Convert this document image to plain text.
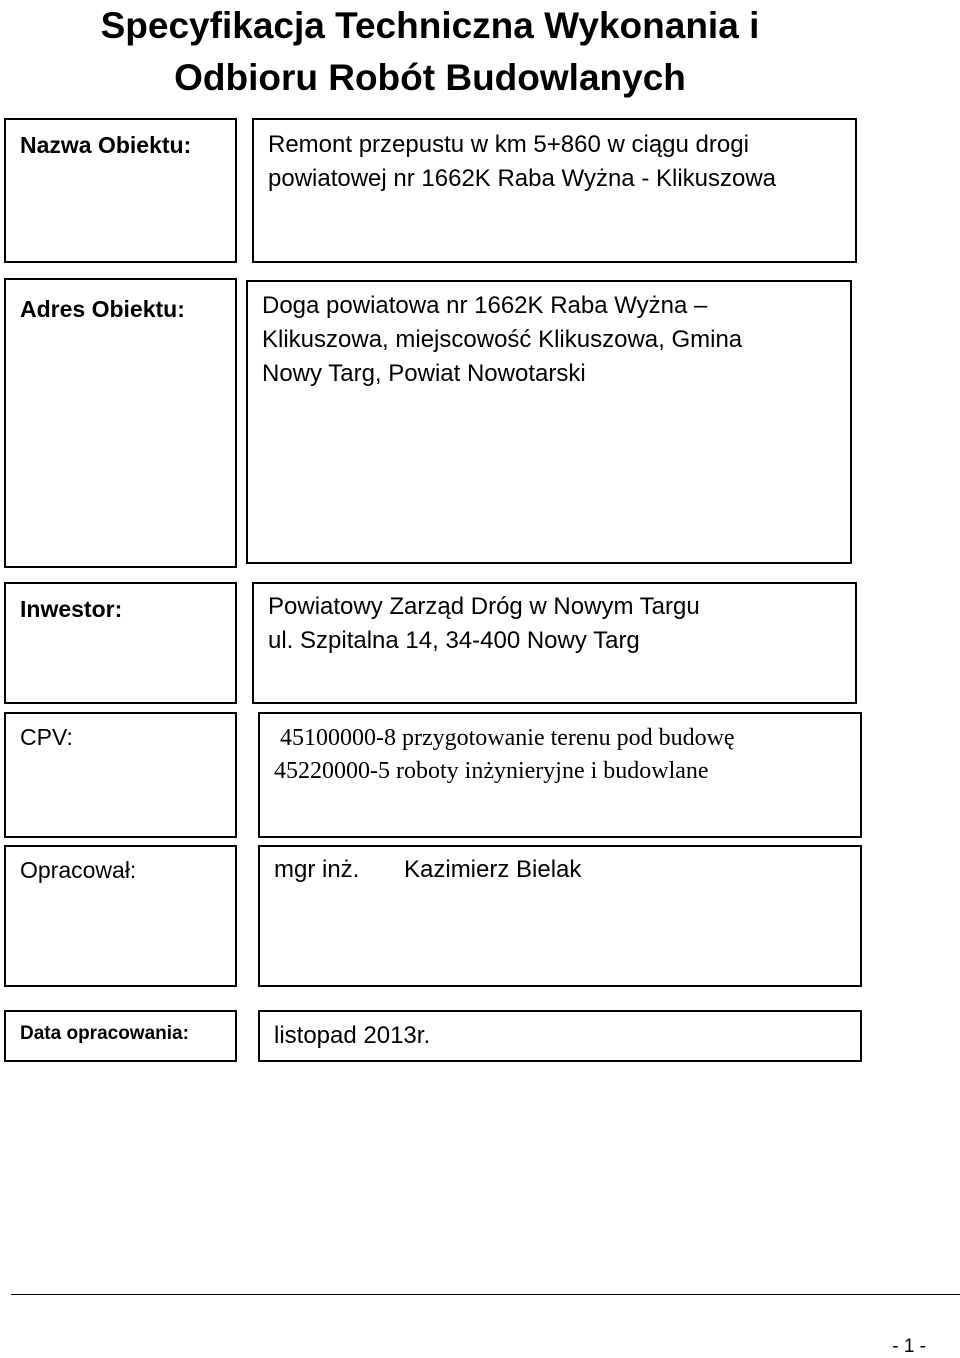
Specyfikacja Techniczna Wykonania i
Odbioru Robót Budowlanych
Nazwa Obiektu:	Remont przepustu w km 5+860 w ciągu drogi
powiatowej nr 1662K Raba Wyżna - Klikuszowa
Adres Obiektu:	Doga powiatowa nr 1662K Raba Wyżna –
Klikuszowa, miejscowość Klikuszowa, Gmina
Nowy Targ, Powiat Nowotarski
Inwestor:	Powiatowy Zarząd Dróg w Nowym Targu
ul. Szpitalna 14, 34-400 Nowy Targ
CPV:	45100000-8 przygotowanie terenu pod budowę
45220000-5 roboty inżynieryjne i budowlane
Opracował:	mgr inż. Kazimierz Bielak
Data opracowania:	listopad 2013r.
- 1 -
